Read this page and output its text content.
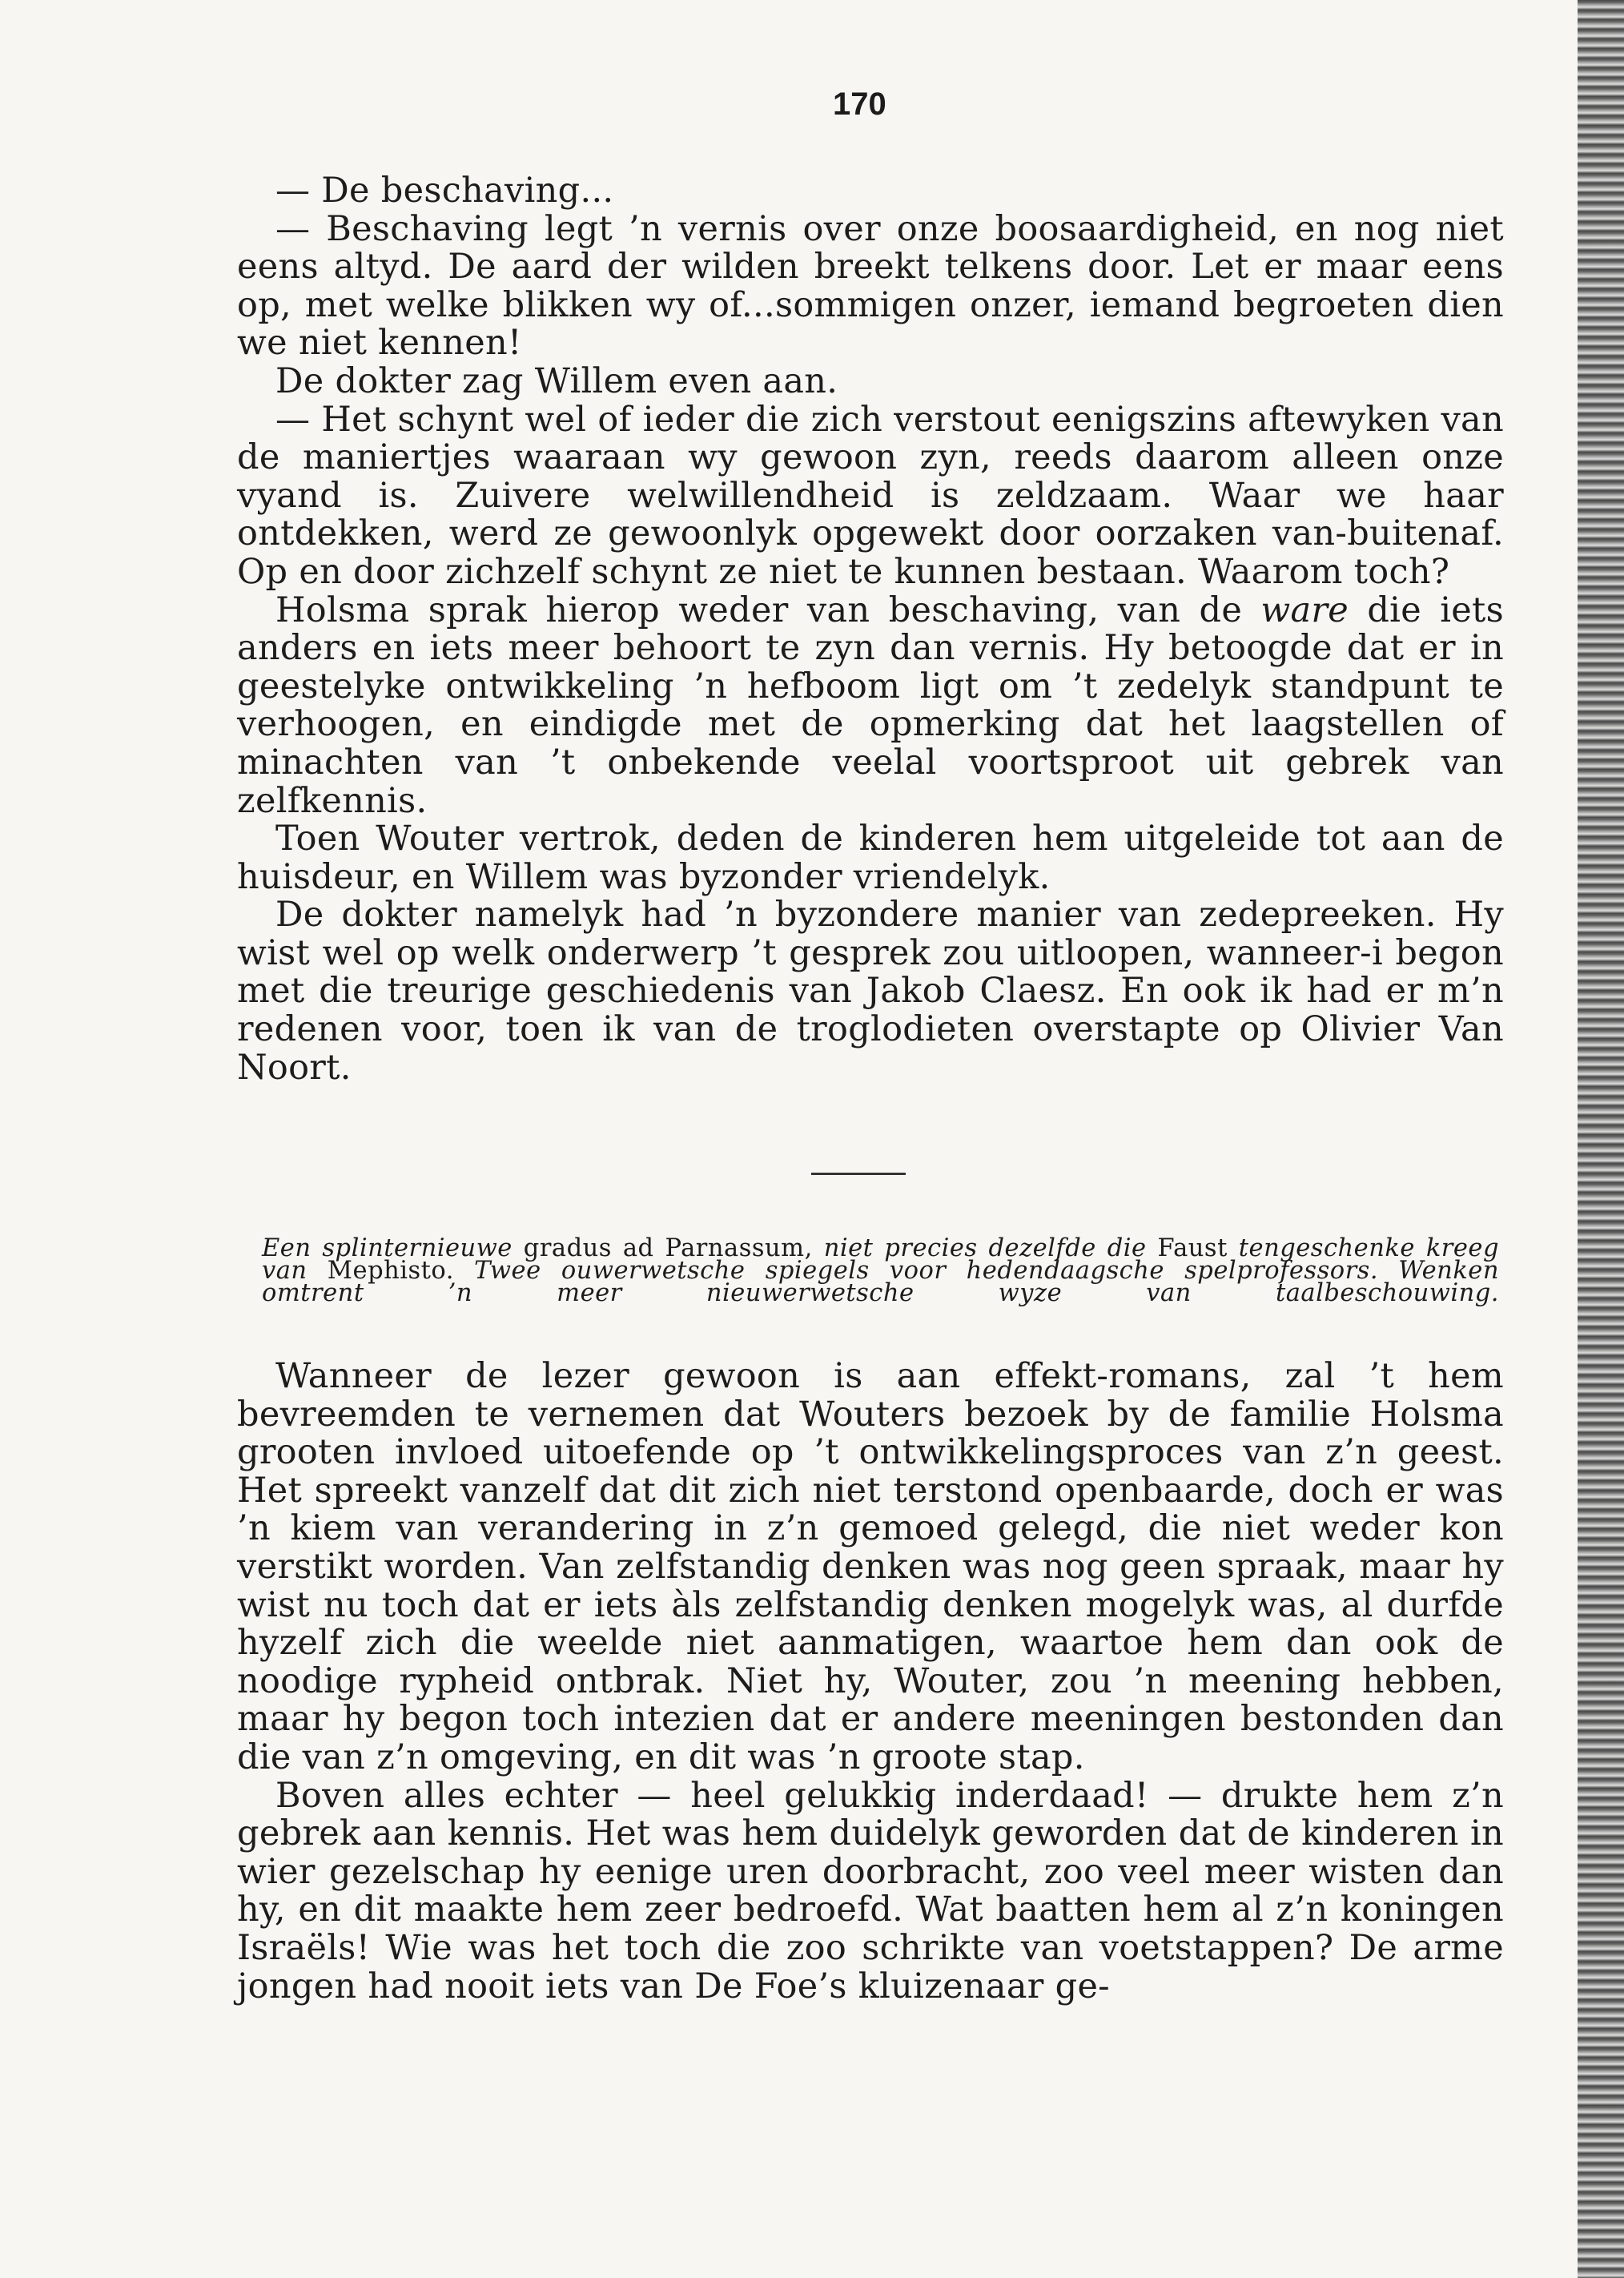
170

— De beschaving...

— Beschaving legt ’n vernis over onze boosaardigheid, en nog niet eens altyd. De aard der wilden breekt telkens door. Let er maar eens op, met welke blikken wy of...sommigen onzer, iemand begroeten dien we niet kennen!

De dokter zag Willem even aan.

— Het schynt wel of ieder die zich verstout eenigszins aftewyken van de maniertjes waaraan wy gewoon zyn, reeds daarom alleen onze vyand is. Zuivere welwillendheid is zeldzaam. Waar we haar ontdekken, werd ze gewoonlyk opgewekt door oorzaken van-buitenaf. Op en door zichzelf schynt ze niet te kunnen bestaan. Waarom toch?

Holsma sprak hierop weder van beschaving, van de ware die iets anders en iets meer behoort te zyn dan vernis. Hy betoogde dat er in geestelyke ontwikkeling ’n hefboom ligt om ’t zedelyk standpunt te verhoogen, en eindigde met de opmerking dat het laagstellen of minachten van ’t onbekende veelal voortsproot uit gebrek van zelfkennis.

Toen Wouter vertrok, deden de kinderen hem uitgeleide tot aan de huisdeur, en Willem was byzonder vriendelyk.

De dokter namelyk had ’n byzondere manier van zedepreeken. Hy wist wel op welk onderwerp ’t gesprek zou uitloopen, wanneer-i begon met die treurige geschiedenis van Jakob Claesz. En ook ik had er m’n redenen voor, toen ik van de troglodieten overstapte op Olivier Van Noort.

Een splinternieuwe gradus ad Parnassum, niet precies dezelfde die Faust tengeschenke kreeg van Mephisto. Twee ouwerwetsche spiegels voor hedendaagsche spelprofessors. Wenken omtrent ’n meer nieuwerwetsche wyze van taalbeschouwing.

Wanneer de lezer gewoon is aan effekt-romans, zal ’t hem bevreemden te vernemen dat Wouters bezoek by de familie Holsma grooten invloed uitoefende op ’t ontwikkelingsproces van z’n geest. Het spreekt vanzelf dat dit zich niet terstond openbaarde, doch er was ’n kiem van verandering in z’n gemoed gelegd, die niet weder kon verstikt worden. Van zelfstandig denken was nog geen spraak, maar hy wist nu toch dat er iets àls zelfstandig denken mogelyk was, al durfde hyzelf zich die weelde niet aanmatigen, waartoe hem dan ook de noodige rypheid ontbrak. Niet hy, Wouter, zou ’n meening hebben, maar hy begon toch intezien dat er andere meeningen bestonden dan die van z’n omgeving, en dit was ’n groote stap.

Boven alles echter — heel gelukkig inderdaad! — drukte hem z’n gebrek aan kennis. Het was hem duidelyk geworden dat de kinderen in wier gezelschap hy eenige uren doorbracht, zoo veel meer wisten dan hy, en dit maakte hem zeer bedroefd. Wat baatten hem al z’n koningen Israëls! Wie was het toch die zoo schrikte van voetstappen? De arme jongen had nooit iets van De Foe’s kluizenaar ge-
